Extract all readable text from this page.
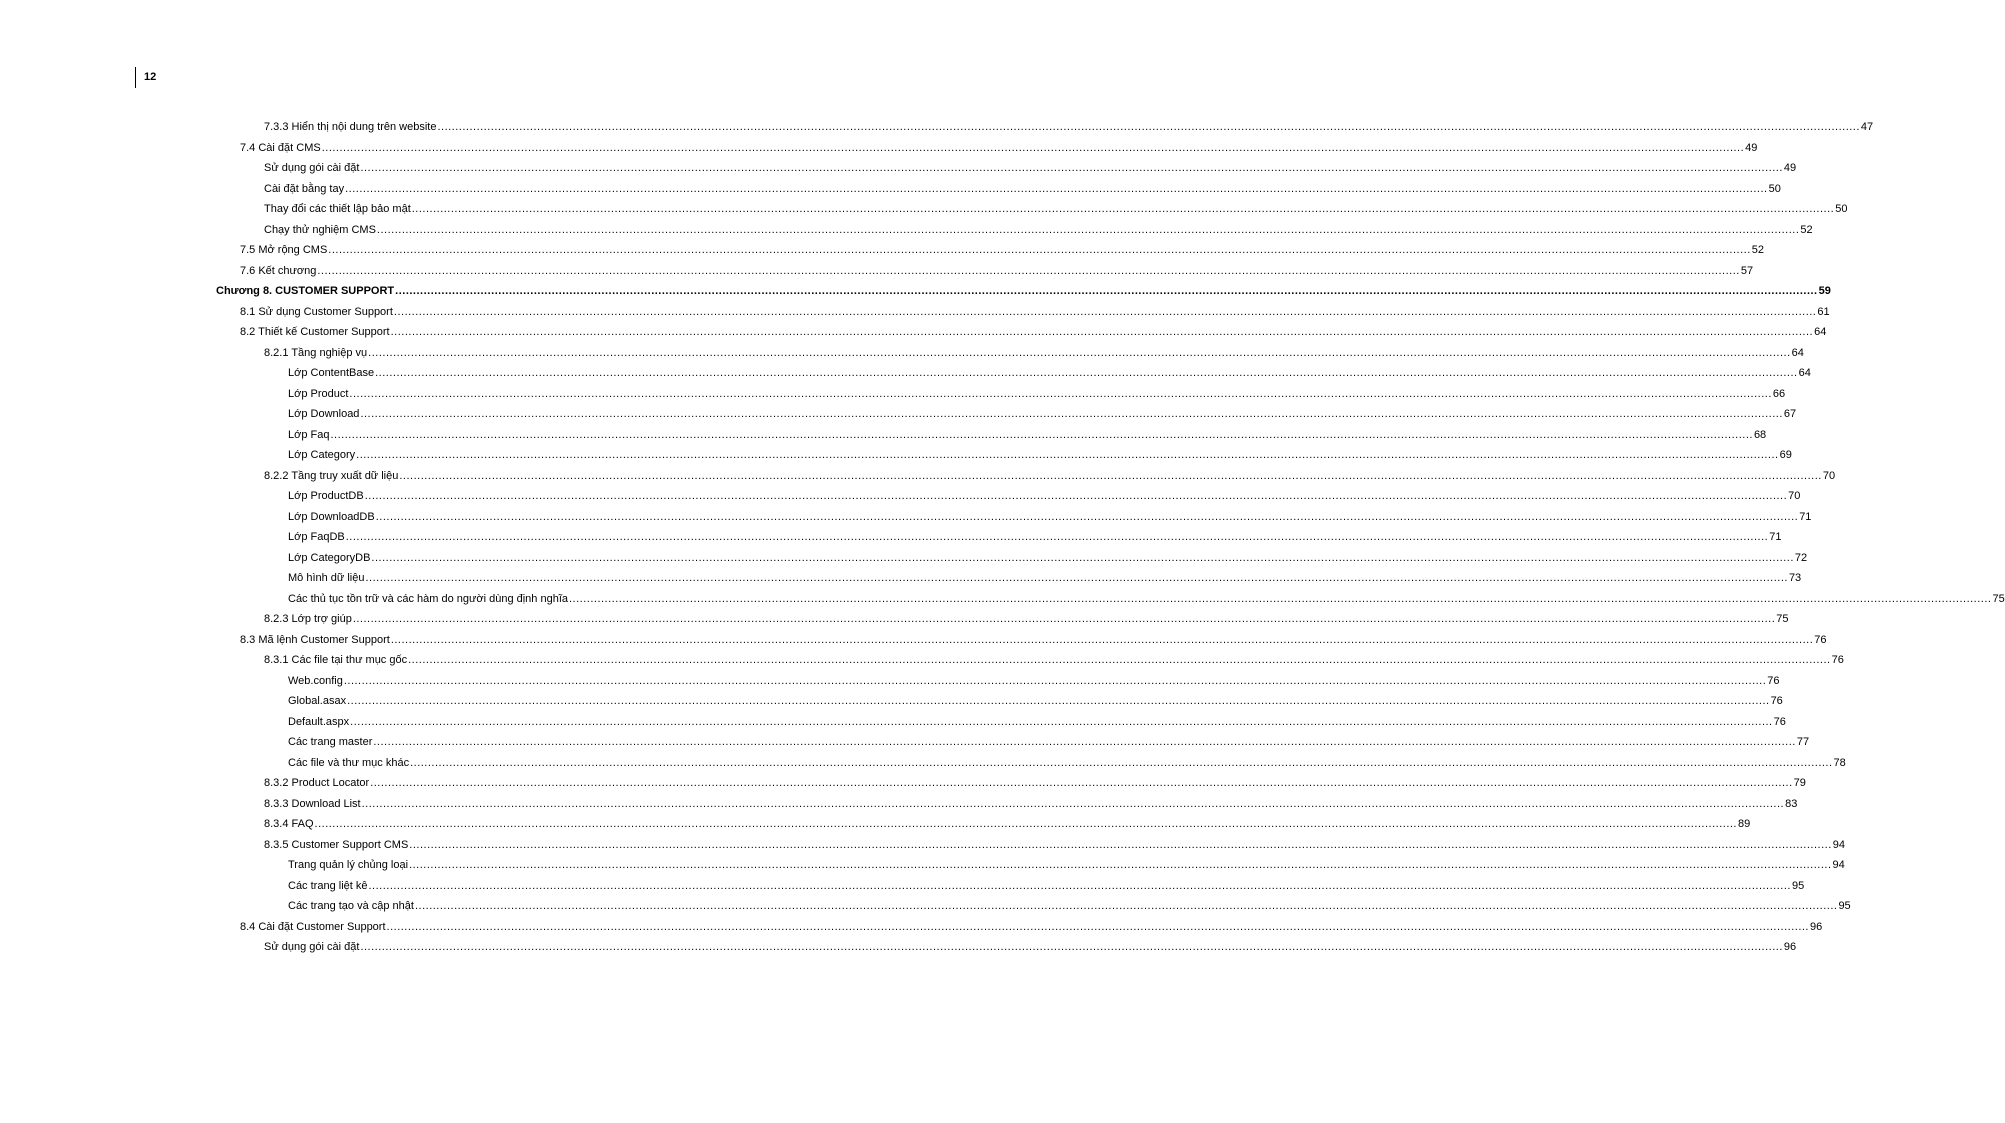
12
7.3.3 Hiển thị nội dung trên website ................................................................................................................................................................................................................................................................................................................................................................................................................ 47
7.4 Cài đặt CMS ................................................................................................................................................................................................................................................................................................................................................................................................................ 49
Sử dụng gói cài đặt ................................................................................................................................................................................................................................................................................................................................................................................................................ 49
Cài đặt bằng tay ................................................................................................................................................................................................................................................................................................................................................................................................................ 50
Thay đổi các thiết lập bảo mật ................................................................................................................................................................................................................................................................................................................................................................................................................ 50
Chạy thử nghiệm CMS ................................................................................................................................................................................................................................................................................................................................................................................................................ 52
7.5 Mở rộng CMS ................................................................................................................................................................................................................................................................................................................................................................................................................ 52
7.6 Kết chương ................................................................................................................................................................................................................................................................................................................................................................................................................ 57
Chương 8. CUSTOMER SUPPORT ................................................................................................................................................................................................................................................................................................................................................................................................................ 59
8.1 Sử dụng Customer Support ................................................................................................................................................................................................................................................................................................................................................................................................................ 61
8.2 Thiết kế Customer Support ................................................................................................................................................................................................................................................................................................................................................................................................................ 64
8.2.1 Tầng nghiệp vụ ................................................................................................................................................................................................................................................................................................................................................................................................................ 64
Lớp ContentBase ................................................................................................................................................................................................................................................................................................................................................................................................................ 64
Lớp Product ................................................................................................................................................................................................................................................................................................................................................................................................................ 66
Lớp Download ................................................................................................................................................................................................................................................................................................................................................................................................................ 67
Lớp Faq ................................................................................................................................................................................................................................................................................................................................................................................................................ 68
Lớp Category ................................................................................................................................................................................................................................................................................................................................................................................................................ 69
8.2.2 Tầng truy xuất dữ liệu ................................................................................................................................................................................................................................................................................................................................................................................................................ 70
Lớp ProductDB ................................................................................................................................................................................................................................................................................................................................................................................................................ 70
Lớp DownloadDB ................................................................................................................................................................................................................................................................................................................................................................................................................ 71
Lớp FaqDB ................................................................................................................................................................................................................................................................................................................................................................................................................ 71
Lớp CategoryDB ................................................................................................................................................................................................................................................................................................................................................................................................................ 72
Mô hình dữ liệu ................................................................................................................................................................................................................................................................................................................................................................................................................ 73
Các thủ tục tồn trữ và các hàm do người dùng định nghĩa ................................................................................................................................................................................................................................................................................................................................................................................................................ 75
8.2.3 Lớp trợ giúp ................................................................................................................................................................................................................................................................................................................................................................................................................ 75
8.3 Mã lệnh Customer Support ................................................................................................................................................................................................................................................................................................................................................................................................................ 76
8.3.1 Các file tại thư mục gốc ................................................................................................................................................................................................................................................................................................................................................................................................................ 76
Web.config ................................................................................................................................................................................................................................................................................................................................................................................................................ 76
Global.asax ................................................................................................................................................................................................................................................................................................................................................................................................................ 76
Default.aspx ................................................................................................................................................................................................................................................................................................................................................................................................................ 76
Các trang master ................................................................................................................................................................................................................................................................................................................................................................................................................ 77
Các file và thư mục khác ................................................................................................................................................................................................................................................................................................................................................................................................................ 78
8.3.2 Product Locator ................................................................................................................................................................................................................................................................................................................................................................................................................ 79
8.3.3 Download List ................................................................................................................................................................................................................................................................................................................................................................................................................ 83
8.3.4 FAQ ................................................................................................................................................................................................................................................................................................................................................................................................................ 89
8.3.5 Customer Support CMS ................................................................................................................................................................................................................................................................................................................................................................................................................ 94
Trang quản lý chủng loại ................................................................................................................................................................................................................................................................................................................................................................................................................ 94
Các trang liệt kê ................................................................................................................................................................................................................................................................................................................................................................................................................ 95
Các trang tạo và cập nhật ................................................................................................................................................................................................................................................................................................................................................................................................................ 95
8.4 Cài đặt Customer Support ................................................................................................................................................................................................................................................................................................................................................................................................................ 96
Sử dụng gói cài đặt ................................................................................................................................................................................................................................................................................................................................................................................................................ 96
